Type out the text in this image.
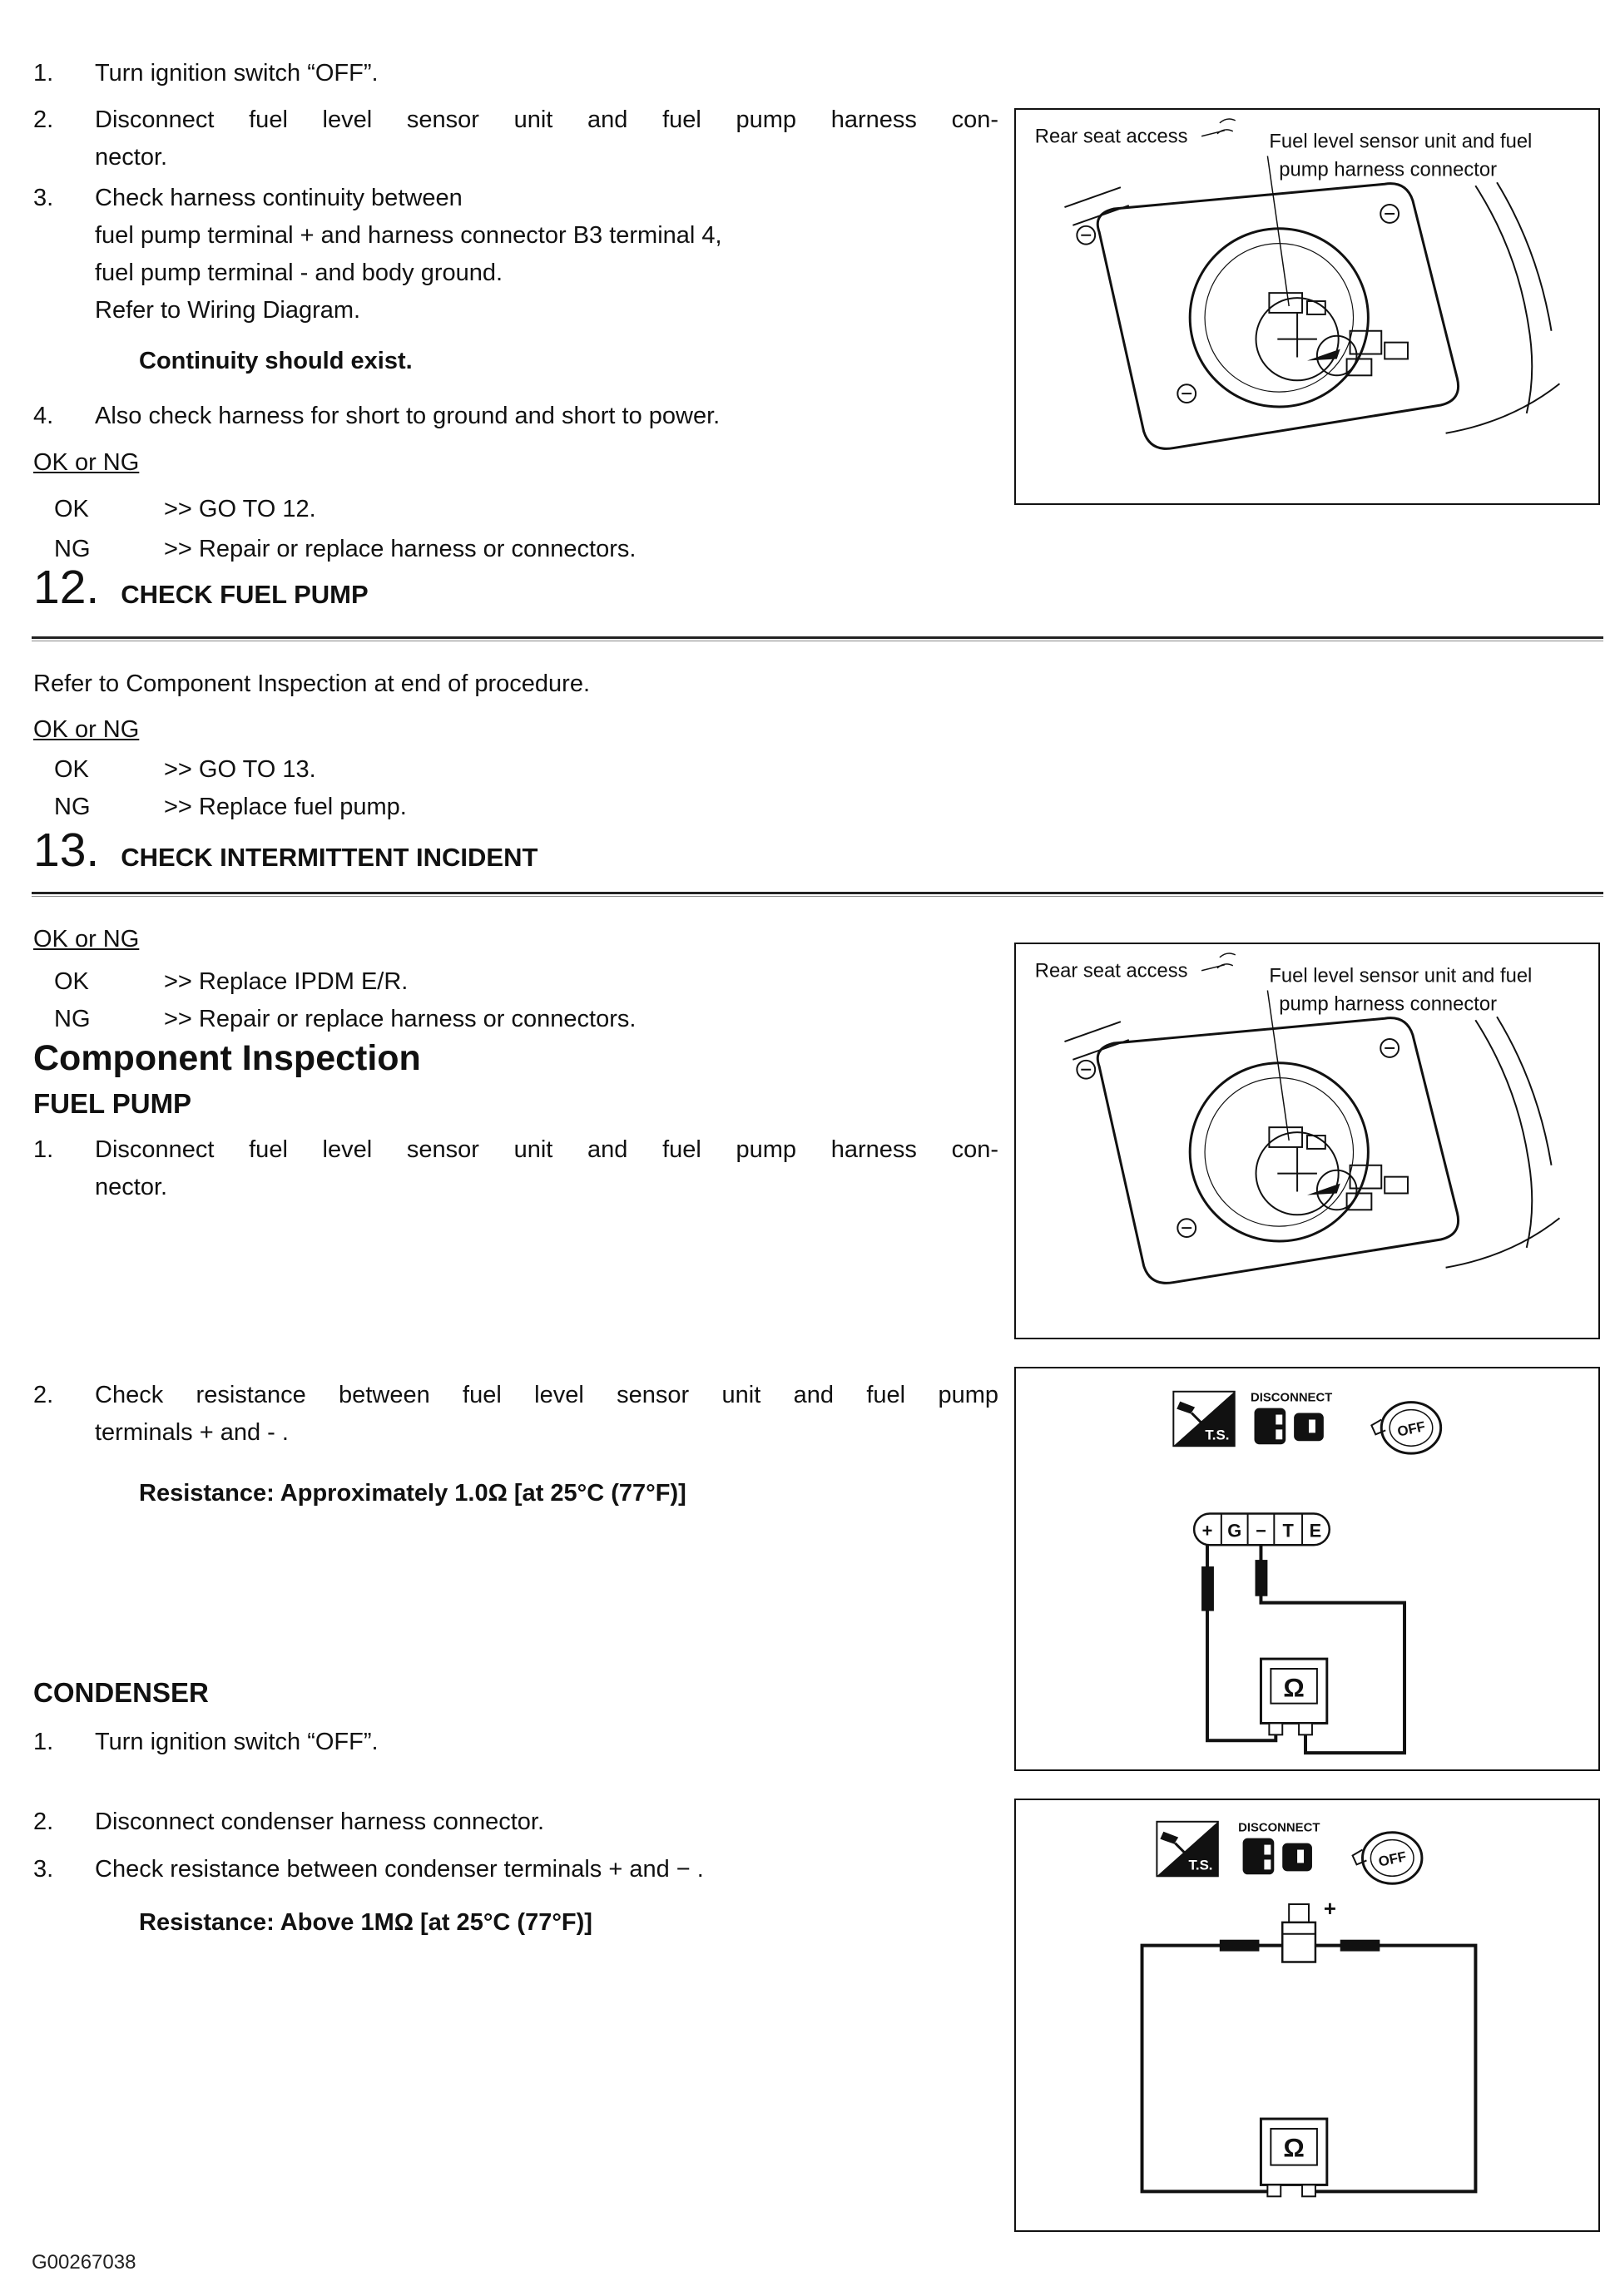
1.	Turn ignition switch “OFF”.
2.	Disconnect fuel level sensor unit and fuel pump harness con-
nector.
3.	Check harness continuity between
fuel pump terminal + and harness connector B3 terminal 4,
fuel pump terminal - and body ground.
Refer to Wiring Diagram.
Continuity should exist.
4.	Also check harness for short to ground and short to power.
OK or NG
OK	>> GO TO 12.
NG	>> Repair or replace harness or connectors.
12. CHECK FUEL PUMP
Refer to Component Inspection at end of procedure.
OK or NG
OK	>> GO TO 13.
NG	>> Replace fuel pump.
13. CHECK INTERMITTENT INCIDENT
OK or NG
OK	>> Replace IPDM E/R.
NG	>> Repair or replace harness or connectors.
Component Inspection
FUEL PUMP
1.	Disconnect fuel level sensor unit and fuel pump harness con-
nector.
2.	Check resistance between fuel level sensor unit and fuel pump
terminals + and - .
Resistance: Approximately 1.0Ω [at 25°C (77°F)]
CONDENSER
1.	Turn ignition switch “OFF”.
2.	Disconnect condenser harness connector.
3.	Check resistance between condenser terminals + and − .
Resistance: Above 1MΩ [at 25°C (77°F)]
G00267038
Rear seat access	Fuel level sensor unit and fuel
pump harness connector
Rear seat access	Fuel level sensor unit and fuel
pump harness connector
T.S.
DISCONNECT
OFF
+ G − T E
Ω
T.S.
DISCONNECT
OFF
+
Ω
